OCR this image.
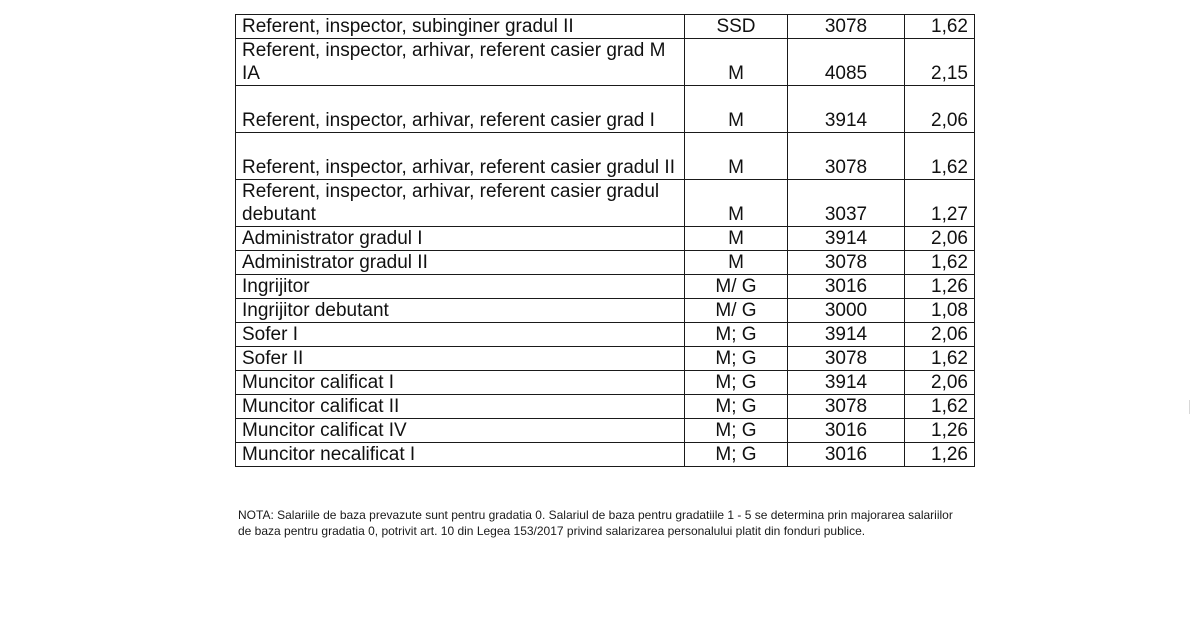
Referent, inspector, subinginer gradul II	SSD	3078	1,62
Referent, inspector, arhivar, referent casier grad M IA	M	4085	2,15
Referent, inspector, arhivar, referent casier grad I	M	3914	2,06
Referent, inspector, arhivar, referent casier gradul II	M	3078	1,62
Referent, inspector, arhivar, referent casier gradul debutant	M	3037	1,27
Administrator gradul I	M	3914	2,06
Administrator gradul II	M	3078	1,62
Ingrijitor	M/ G	3016	1,26
Ingrijitor debutant	M/ G	3000	1,08
Sofer I	M; G	3914	2,06
Sofer II	M; G	3078	1,62
Muncitor calificat I	M; G	3914	2,06
Muncitor calificat II	M; G	3078	1,62
Muncitor calificat IV	M; G	3016	1,26
Muncitor necalificat I	M; G	3016	1,26

NOTA: Salariile de baza prevazute sunt pentru gradatia 0. Salariul de baza pentru gradatiile 1 - 5 se determina prin majorarea salariilor de baza pentru gradatia 0, potrivit art. 10 din Legea 153/2017 privind salarizarea personalului platit din fonduri publice.
